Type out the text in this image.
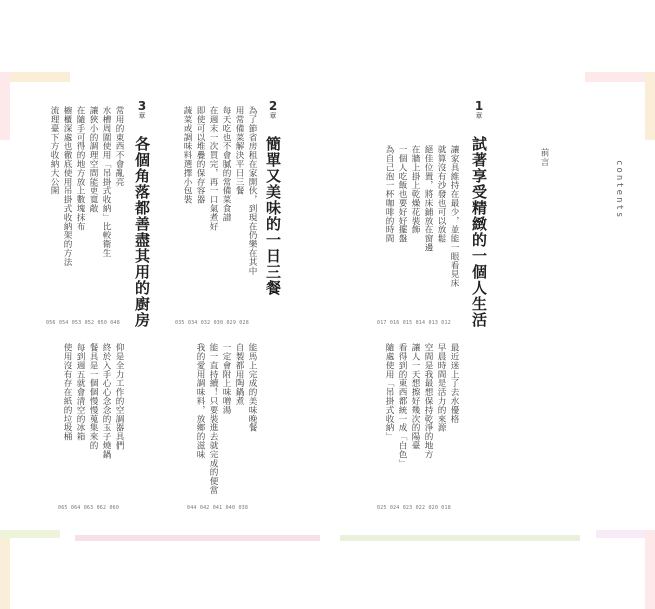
contents
前言
1
章
試著享受精緻的一個人生活
讓家具維持在最少，並能一眼看見床
就算沒有沙發也可以放鬆
絕佳位置，將床鋪放在窗邊
在牆上掛上乾燥花裝飾
一個人吃飯也要好好擺盤
為自己泡一杯咖啡的時間
017 016 015 014 013 012
最近迷上了去水優格
早晨時間是活力的來源
空間是我最想保持乾淨的地方
讓人一天想擦好幾次的陽臺
看得到的東西都統一成「白色」
隨處使用「吊掛式收納」
025 024 023 022 020 018
2
章
簡單又美味的一日三餐
為了節省房租在家開伙，到現在仍樂在其中
用常備菜解決平日三餐
每天吃也不會膩的常備菜食譜
在週末一次買完，再一口氣煮好
即使可以堆疊的保存容器
蔬菜或調味料選擇小包裝
035 034 032 030 029 028
能馬上完成的美味晚餐
自製都用陶鍋煮
一定會附上味噌湯
能一直持續！只要裝進去就完成的便當
我的愛用調味料，放鄉的滋味
044 042 041 040 038
3
章
各個角落都善盡其用的廚房
常用的東西不會亂亮
水槽周圍使用「吊掛式收納」比較衛生
讓狹小的調理空間能更寬敞
在隨手可得的地方放上數塊抹布
櫥櫃深處也徹底使用吊掛式收納架的方法
流理臺下方收納大公開
056 054 053 052 050 048
仰是全力工作的空調器具們
終於入手心心念念的玉子燒鍋
餐具是一個個慢慢蒐集來的
每到週五就會清空的冰箱
使用沒有存在紙的垃圾桶
065 064 063 062 060
